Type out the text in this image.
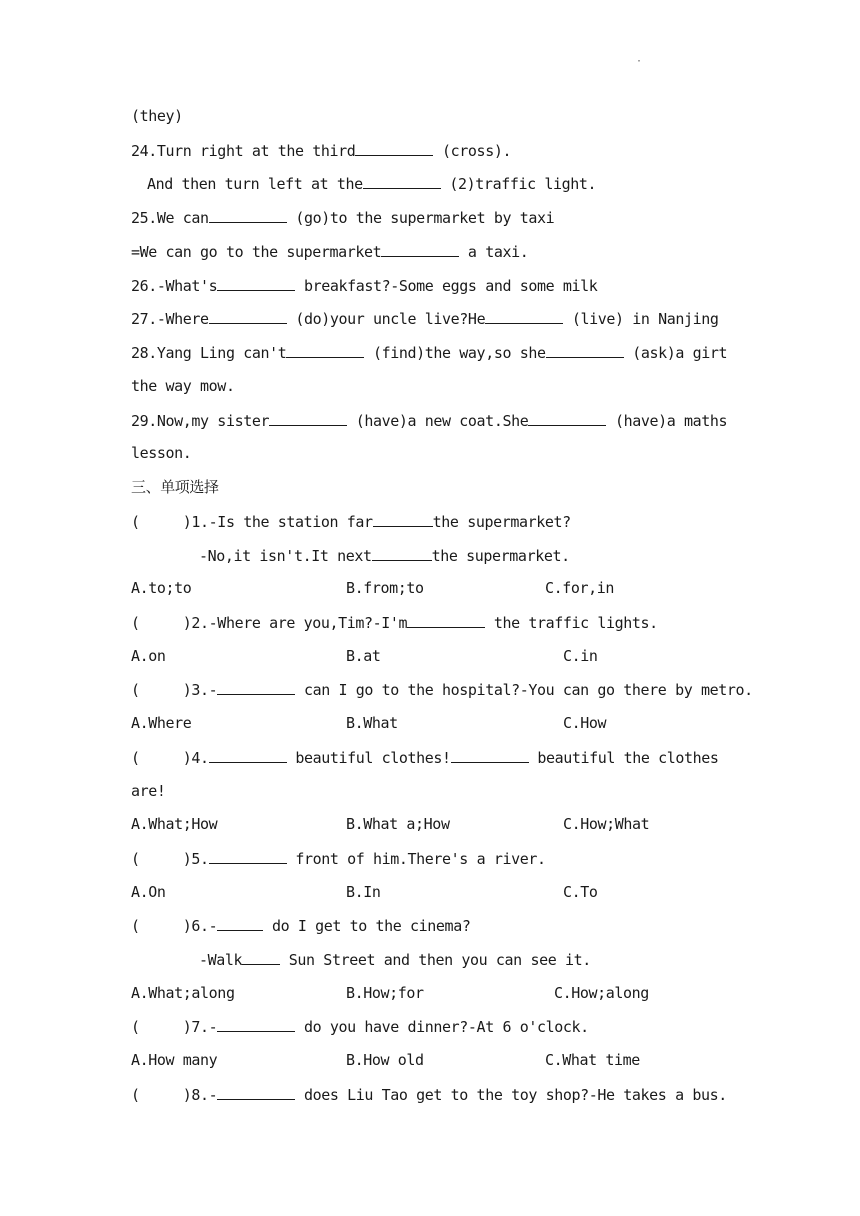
·
(they)
24.Turn right at the third	(cross).
And then turn left at the	(2)traffic light.
25.We can	(go)to the supermarket by taxi
=We can go to the supermarket	a taxi.
26.-What's	breakfast?-Some eggs and some milk
27.-Where	(do)your uncle live?He	(live) in Nanjing
28.Yang Ling can't	(find)the way,so she	(ask)a girt
the way mow.
29.Now,my sister	(have)a new coat.She	(have)a maths
lesson.
三、单项选择
(     )1.-Is the station far	the supermarket?
-No,it isn't.It next	the supermarket.
A.to;to	B.from;to	C.for,in
(     )2.-Where are you,Tim?-I'm	the traffic lights.
A.on	B.at	C.in
(     )3.-	can I go to the hospital?-You can go there by metro.
A.Where	B.What	C.How
(     )4.	beautiful clothes!	beautiful the clothes
are!
A.What;How	B.What a;How	C.How;What
(     )5.	front of him.There's a river.
A.On	B.In	C.To
(     )6.-	do I get to the cinema?
-Walk	Sun Street and then you can see it.
A.What;along	B.How;for	C.How;along
(     )7.-	do you have dinner?-At 6 o'clock.
A.How many	B.How old	C.What time
(     )8.-	does Liu Tao get to the toy shop?-He takes a bus.
